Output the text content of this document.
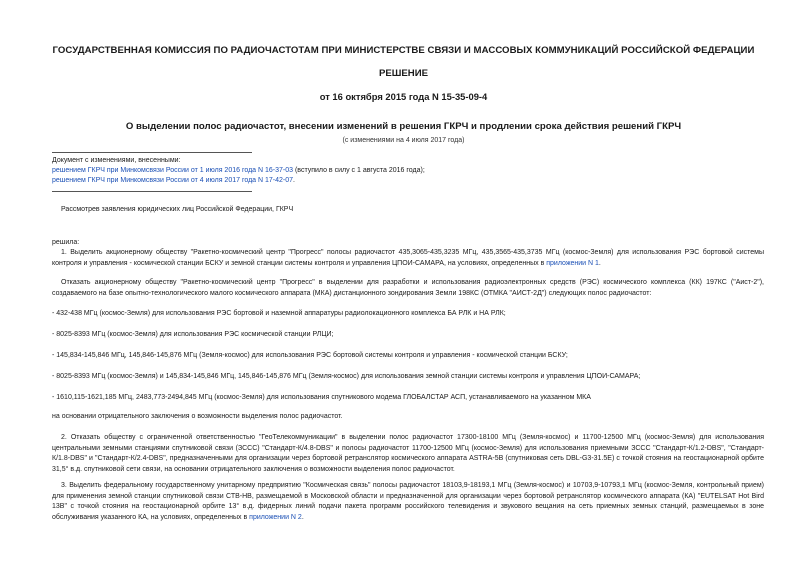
ГОСУДАРСТВЕННАЯ КОМИССИЯ ПО РАДИОЧАСТОТАМ ПРИ МИНИСТЕРСТВЕ СВЯЗИ И МАССОВЫХ КОММУНИКАЦИЙ РОССИЙСКОЙ ФЕДЕРАЦИИ
РЕШЕНИЕ
от 16 октября 2015 года N 15-35-09-4
О выделении полос радиочастот, внесении изменений в решения ГКРЧ и продлении срока действия решений ГКРЧ
(с изменениями на 4 июля 2017 года)
Документ с изменениями, внесенными:
решением ГКРЧ при Минкомсвязи России от 1 июля 2016 года N 16-37-03 (вступило в силу с 1 августа 2016 года);
решением ГКРЧ при Минкомсвязи России от 4 июля 2017 года N 17-42-07.
Рассмотрев заявления юридических лиц Российской Федерации, ГКРЧ
решила:
1. Выделить акционерному обществу "Ракетно-космический центр "Прогресс" полосы радиочастот 435,3065-435,3235 МГц, 435,3565-435,3735 МГц (космос-Земля) для использования РЭС бортовой системы контроля и управления - космической станции БСКУ и земной станции системы контроля и управления ЦПОИ-САМАРА, на условиях, определенных в приложении N 1.
Отказать акционерному обществу "Ракетно-космический центр "Прогресс" в выделении для разработки и использования радиоэлектронных средств (РЭС) космического комплекса (КК) 197КС ("Аист-2"), создаваемого на базе опытно-технологического малого космического аппарата (МКА) дистанционного зондирования Земли 198КС (ОТМКА "АИСТ-2Д") следующих полос радиочастот:
- 432-438 МГц (космос-Земля) для использования РЭС бортовой и наземной аппаратуры радиолокационного комплекса БА РЛК и НА РЛК;
- 8025-8393 МГц (космос-Земля) для использования РЭС космической станции РЛЦИ;
- 145,834-145,846 МГц, 145,846-145,876 МГц (Земля-космос) для использования РЭС бортовой системы контроля и управления - космической станции БСКУ;
- 8025-8393 МГц (космос-Земля) и 145,834-145,846 МГц, 145,846-145,876 МГц (Земля-космос) для использования земной станции системы контроля и управления ЦПОИ-САМАРА;
- 1610,115-1621,185 МГц, 2483,773-2494,845 МГц (космос-Земля) для использования спутникового модема ГЛОБАЛСТАР АСП, устанавливаемого на указанном МКА
на основании отрицательного заключения о возможности выделения полос радиочастот.
2. Отказать обществу с ограниченной ответственностью "ГеоТелекоммуникации" в выделении полос радиочастот 17300-18100 МГц (Земля-космос) и 11700-12500 МГц (космос-Земля) для использования центральными земными станциями спутниковой связи (ЗССС) "Стандарт-К/4.8-DBS" и полосы радиочастот 11700-12500 МГц (космос-Земля) для использования приемными ЗССС "Стандарт-К/1.2-DBS", "Стандарт-К/1.8-DBS" и "Стандарт-К/2.4-DBS", предназначенными для организации через бортовой ретранслятор космического аппарата ASTRA-5B (спутниковая сеть DBL-G3-31.5E) с точкой стояния на геостационарной орбите 31,5° в.д. спутниковой сети связи, на основании отрицательного заключения о возможности выделения полос радиочастот.
3. Выделить федеральному государственному унитарному предприятию "Космическая связь" полосы радиочастот 18103,9-18193,1 МГц (Земля-космос) и 10703,9-10793,1 МГц (космос-Земля, контрольный прием) для применения земной станции спутниковой связи СТВ-НВ, размещаемой в Московской области и предназначенной для организации через бортовой ретранслятор космического аппарата (КА) "EUTELSAT Hot Bird 13B" с точкой стояния на геостационарной орбите 13° в.д. фидерных линий подачи пакета программ российского телевидения и звукового вещания на сеть приемных земных станций, размещаемых в зоне обслуживания указанного КА, на условиях, определенных в приложении N 2.
